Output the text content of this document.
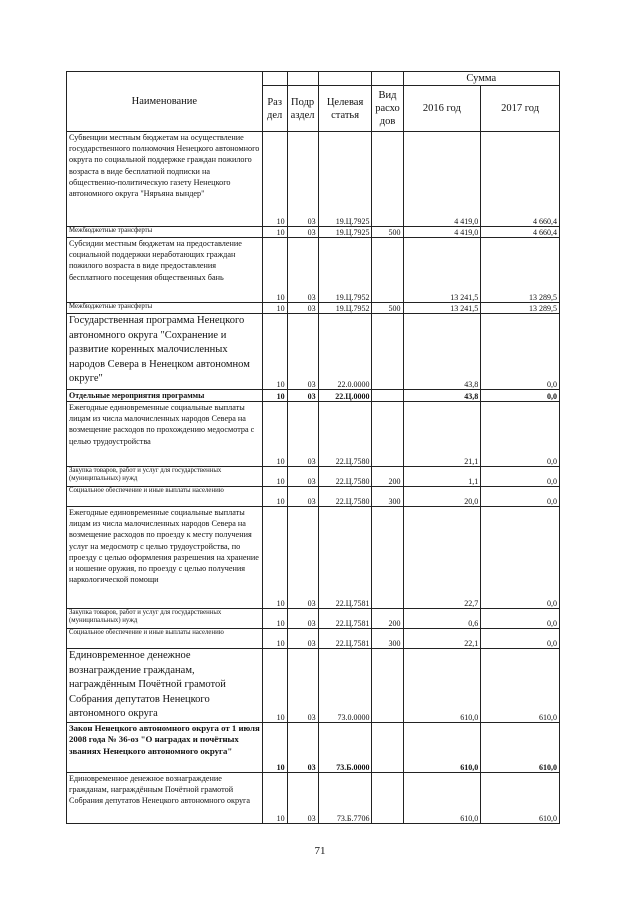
Наименование					Сумма	
	Раз дел	Подр аздел	Целевая статья	Вид расхо дов	2016 год	2017 год
Субвенции местным бюджетам на осуществление государственного полномочия Ненецкого автономного округа по социальной поддержке граждан пожилого возраста в виде бесплатной подписки на общественно-политическую газету Ненецкого автономного округа "Няръяна вындер"	10	03	19.Ц.7925		4 419,0	4 660,4
Межбюджетные трансферты	10	03	19.Ц.7925	500	4 419,0	4 660,4
Субсидии местным бюджетам на предоставление социальной поддержки неработающих граждан пожилого возраста в виде предоставления бесплатного посещения общественных бань	10	03	19.Ц.7952		13 241,5	13 289,5
Межбюджетные трансферты	10	03	19.Ц.7952	500	13 241,5	13 289,5
Государственная программа Ненецкого автономного округа "Сохранение и развитие коренных малочисленных народов Севера в Ненецком автономном округе"	10	03	22.0.0000		43,8	0,0
Отдельные мероприятия программы	10	03	22.Ц.0000		43,8	0,0
Ежегодные единовременные социальные выплаты лицам из числа малочисленных народов Севера на возмещение расходов по прохождению медосмотра с целью трудоустройства	10	03	22.Ц.7580		21,1	0,0
Закупка товаров, работ и услуг для государственных (муниципальных) нужд	10	03	22.Ц.7580	200	1,1	0,0
Социальное обеспечение и иные выплаты населению	10	03	22.Ц.7580	300	20,0	0,0
Ежегодные единовременные социальные выплаты лицам из числа малочисленных народов Севера на возмещение расходов по проезду к месту получения услуг на медосмотр с целью трудоустройства, по проезду с целью оформления разрешения на хранение и ношение оружия, по проезду с целью получения наркологической помощи	10	03	22.Ц.7581		22,7	0,0
Закупка товаров, работ и услуг для государственных (муниципальных) нужд	10	03	22.Ц.7581	200	0,6	0,0
Социальное обеспечение и иные выплаты населению	10	03	22.Ц.7581	300	22,1	0,0
Единовременное денежное вознаграждение гражданам, награждённым Почётной грамотой Собрания депутатов Ненецкого автономного округа	10	03	73.0.0000		610,0	610,0
Закон Ненецкого автономного округа от 1 июля 2008 года № 36-оз "О наградах и почётных званиях Ненецкого автономного округа"	10	03	73.Б.0000		610,0	610,0
Единовременное денежное вознаграждение гражданам, награждённым Почётной грамотой Собрания депутатов Ненецкого автономного округа	10	03	73.Б.7706		610,0	610,0
71
